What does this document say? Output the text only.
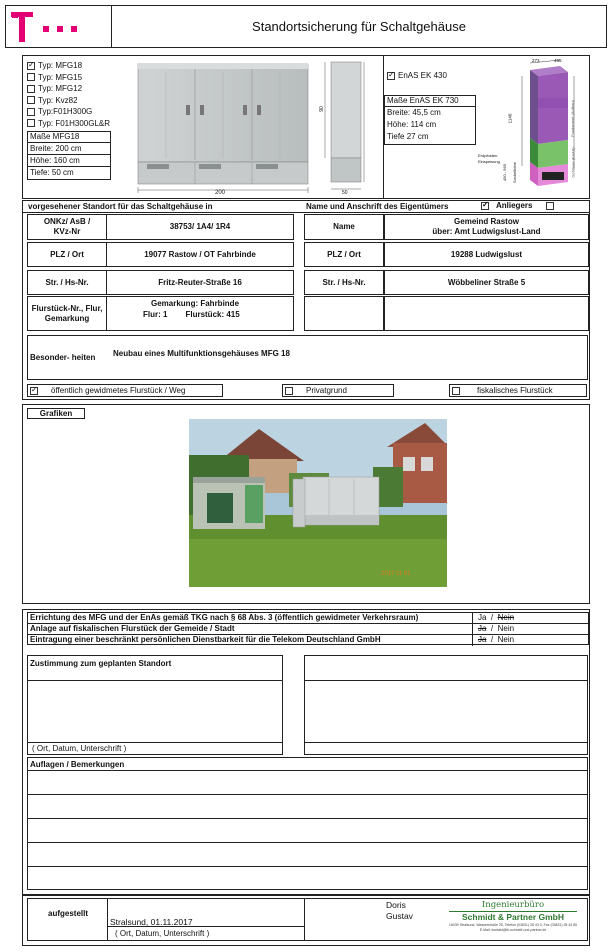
Standortsicherung für Schaltgehäuse
✓Typ: MFG18
Typ: MFG15
Typ: MFG12
Typ: Kvz82
Typ:F01H300G
Typ: F01H300GL&R
Maße MFG18
Breite: 200 cm
Höhe: 160 cm
Tiefe: 50 cm
200
90
50
✓EnAS EK 430
Maße EnAS EK 730
Breite: 45,5 cm
Höhe: 114 cm
Tiefe 27 cm
273	455
1140
Erdpfosten
Einspeisung
450 - 560 Sockelhöhe
Fundament (Aufbau)
Gehäuse (EnAS)
vorgesehener Standort für das Schaltgehäuse in	Name und Anschrift des Eigentümers
✓	Anliegers
ONKz/ AsB / KVz-Nr
38753/ 1A4/ 1R4
PLZ / Ort	19077 Rastow / OT Fahrbinde
Str. / Hs-Nr.	Fritz-Reuter-Straße 16
Flurstück-Nr., Flur, Gemarkung
Gemarkung: Fahrbinde
Flur: 1 Flurstück: 415
Name
Gemeind Rastow
über: Amt Ludwigslust-Land
PLZ / Ort	19288 Ludwigslust
Str. / Hs-Nr.	Wöbbeliner Straße 5
Besonder- heiten Neubau eines Multifunktionsgehäuses MFG 18
✓öffentlich gewidmetes Flurstück / Weg	Privatgrund	fiskalisches Flurstück
Grafiken
2017 11 01
Errichtung des MFG und der EnAs gemäß TKG nach § 68 Abs. 3 (öffentlich gewidmeter Verkehrsraum)
Anlage auf fiskalischen Flurstück der Gemeide / Stadt
Eintragung einer beschränkt persönlichen Dienstbarkeit für die Telekom Deutschland GmbH
Ja / Nein
Ja / Nein
Ja / Nein
Zustimmung zum geplanten Standort
( Ort, Datum, Unterschrift )
Auflagen / Bemerkungen
aufgestellt
Stralsund, 01.11.2017
( Ort, Datum, Unterschrift )
Doris
Gustav
Ingenieurbüro
Schmidt & Partner GmbH
18439 Stralsund, Wasserstraße 25, Telefon (03831) 28 43 0, Fax (03831) 28 43 85
E-Mail: kontakt@ib-schmidt-und-partner.de
